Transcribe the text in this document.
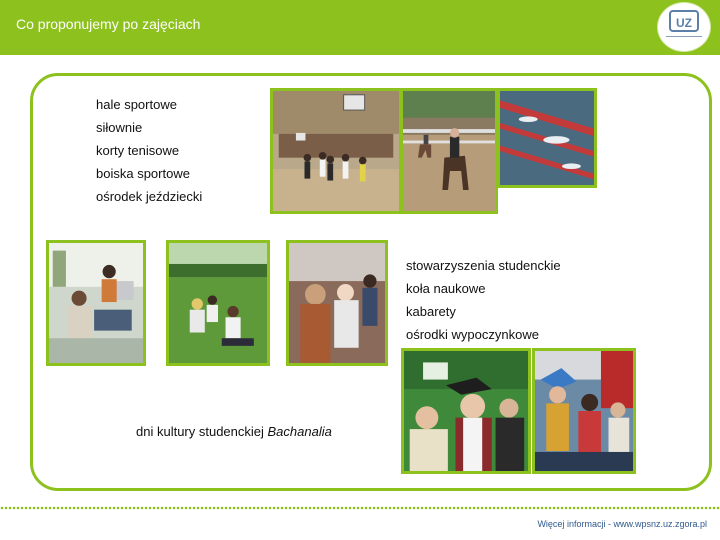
Co proponujemy po zajęciach	UZ
hale sportowe
siłownie
korty tenisowe
boiska sportowe
ośrodek jeździecki
stowarzyszenia studenckie
koła naukowe
kabarety
ośrodki wypoczynkowe
dni kultury studenckiej Bachanalia
Więcej informacji - www.wpsnz.uz.zgora.pl
